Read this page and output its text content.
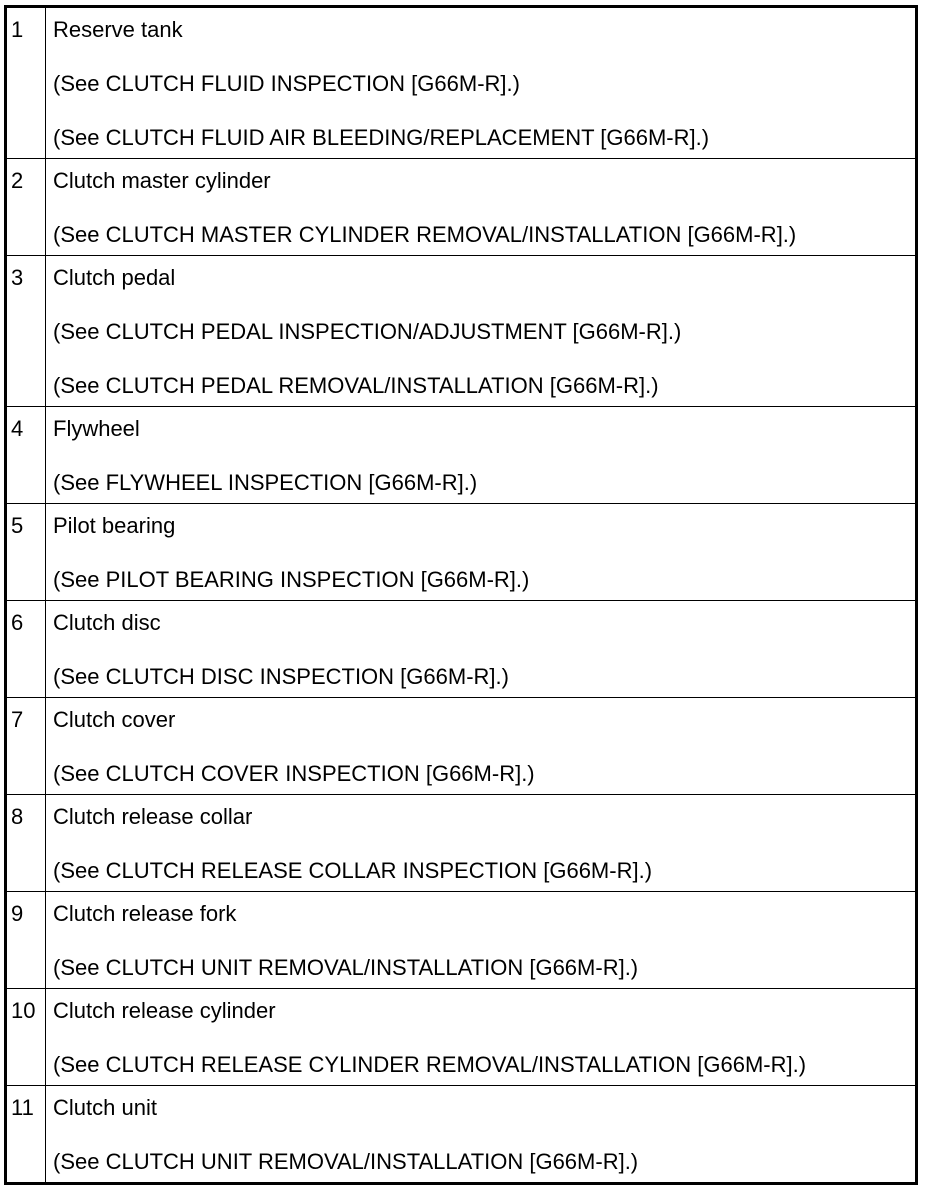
1	Reserve tank
(See CLUTCH FLUID INSPECTION [G66M-R].)
(See CLUTCH FLUID AIR BLEEDING/REPLACEMENT [G66M-R].)
2	Clutch master cylinder
(See CLUTCH MASTER CYLINDER REMOVAL/INSTALLATION [G66M-R].)
3	Clutch pedal
(See CLUTCH PEDAL INSPECTION/ADJUSTMENT [G66M-R].)
(See CLUTCH PEDAL REMOVAL/INSTALLATION [G66M-R].)
4	Flywheel
(See FLYWHEEL INSPECTION [G66M-R].)
5	Pilot bearing
(See PILOT BEARING INSPECTION [G66M-R].)
6	Clutch disc
(See CLUTCH DISC INSPECTION [G66M-R].)
7	Clutch cover
(See CLUTCH COVER INSPECTION [G66M-R].)
8	Clutch release collar
(See CLUTCH RELEASE COLLAR INSPECTION [G66M-R].)
9	Clutch release fork
(See CLUTCH UNIT REMOVAL/INSTALLATION [G66M-R].)
10 Clutch release cylinder
(See CLUTCH RELEASE CYLINDER REMOVAL/INSTALLATION [G66M-R].)
11 Clutch unit
(See CLUTCH UNIT REMOVAL/INSTALLATION [G66M-R].)
